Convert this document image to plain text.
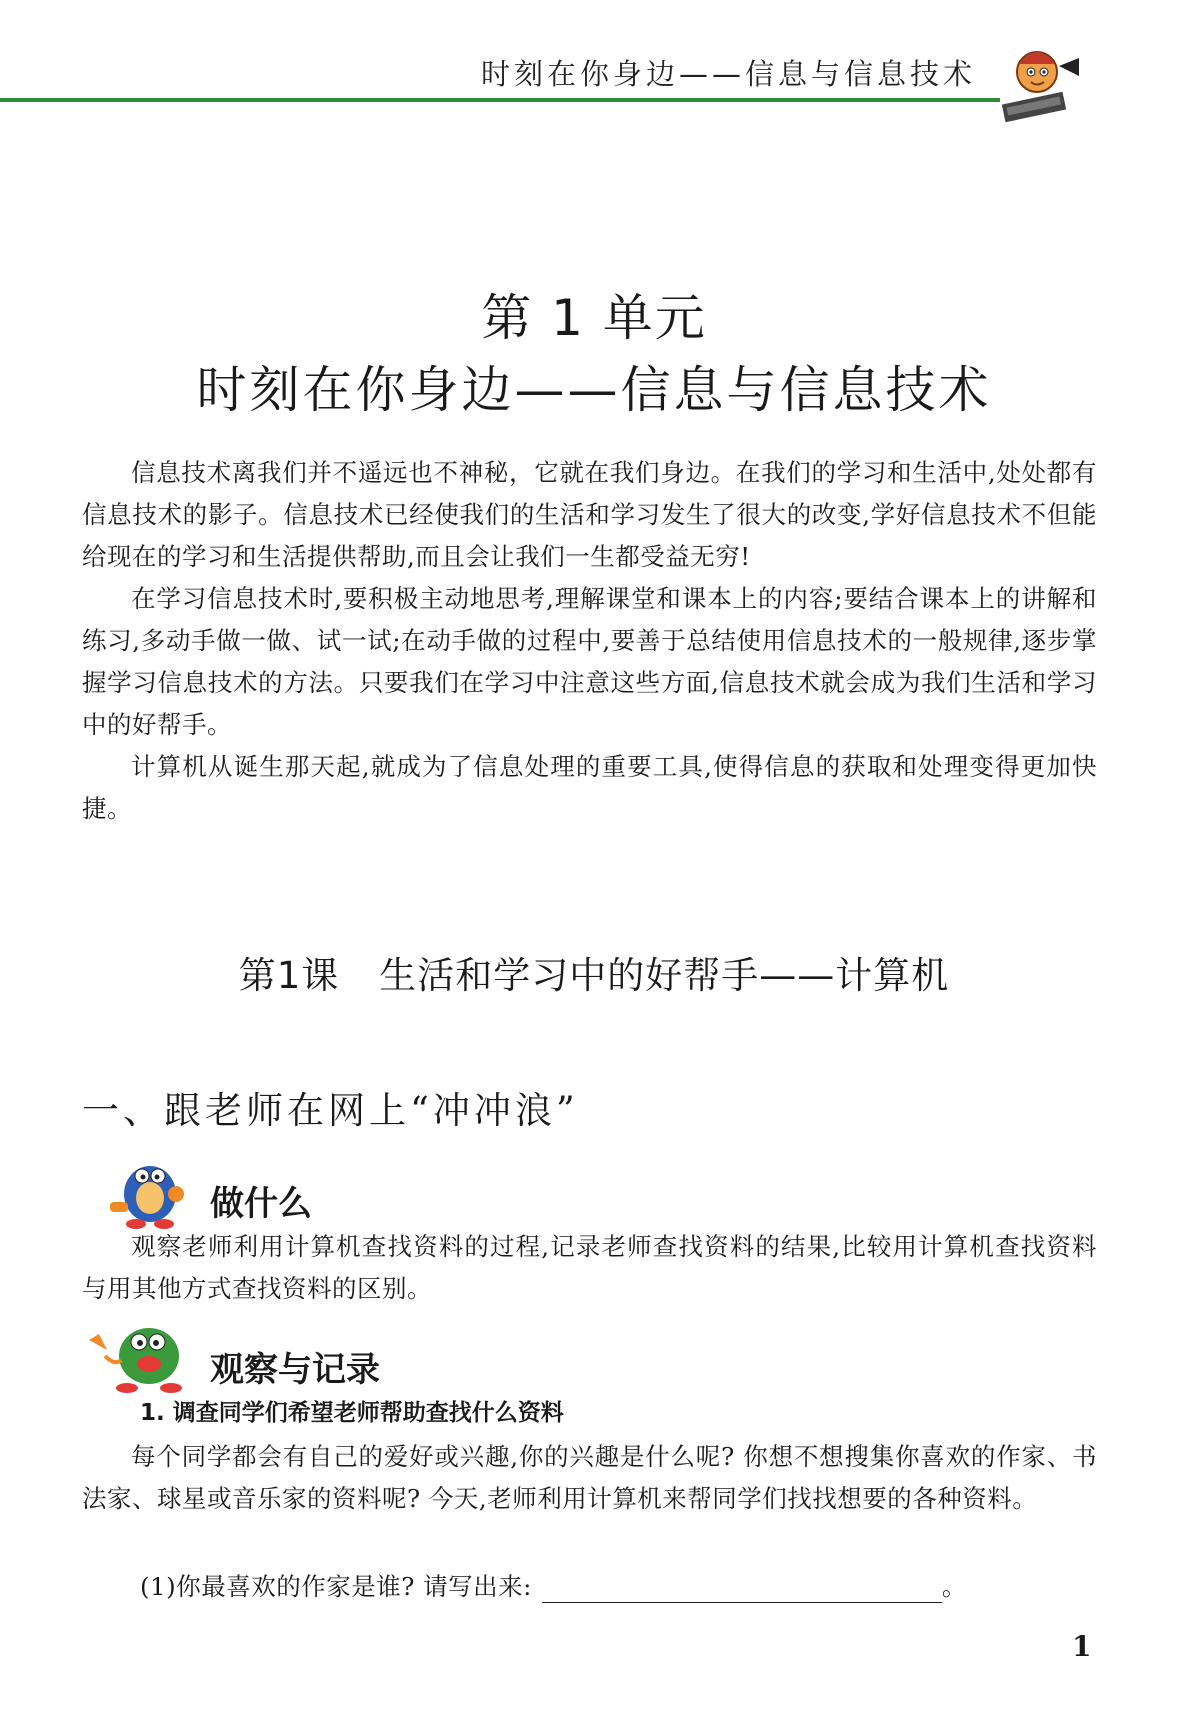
时刻在你身边——信息与信息技术
第 1 单元
时刻在你身边——信息与信息技术

信息技术离我们并不遥远也不神秘，它就在我们身边。在我们的学习和生活中,处处都有信息技术的影子。信息技术已经使我们的生活和学习发生了很大的改变,学好信息技术不但能给现在的学习和生活提供帮助,而且会让我们一生都受益无穷!

在学习信息技术时,要积极主动地思考,理解课堂和课本上的内容;要结合课本上的讲解和练习,多动手做一做、试一试;在动手做的过程中,要善于总结使用信息技术的一般规律,逐步掌握学习信息技术的方法。只要我们在学习中注意这些方面,信息技术就会成为我们生活和学习中的好帮手。

计算机从诞生那天起,就成为了信息处理的重要工具,使得信息的获取和处理变得更加快捷。

第1课 生活和学习中的好帮手——计算机
一、跟老师在网上“冲冲浪”
做什么

观察老师利用计算机查找资料的过程,记录老师查找资料的结果,比较用计算机查找资料与用其他方式查找资料的区别。

观察与记录
1. 调查同学们希望老师帮助查找什么资料

每个同学都会有自己的爱好或兴趣,你的兴趣是什么呢? 你想不想搜集你喜欢的作家、书法家、球星或音乐家的资料呢? 今天,老师利用计算机来帮同学们找找想要的各种资料。

(1)你最喜欢的作家是谁? 请写出来:	。
1
